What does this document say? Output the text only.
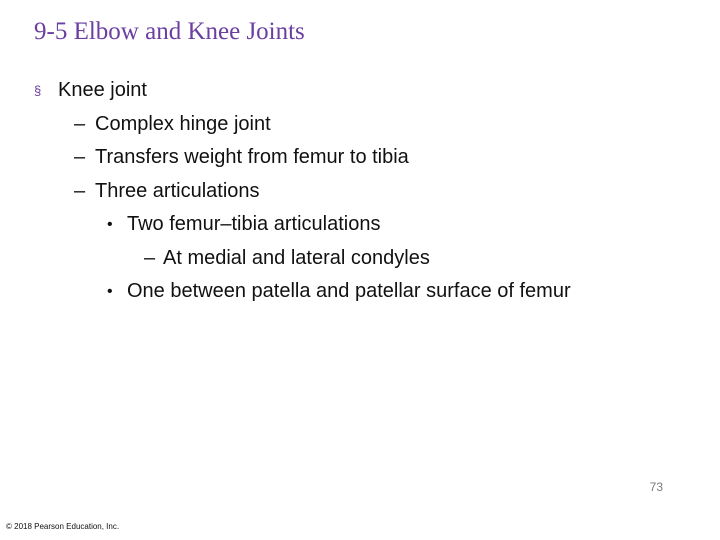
9-5 Elbow and Knee Joints
§ Knee joint
– Complex hinge joint
– Transfers weight from femur to tibia
– Three articulations
• Two femur–tibia articulations
– At medial and lateral condyles
• One between patella and patellar surface of femur
73
© 2018 Pearson Education, Inc.
